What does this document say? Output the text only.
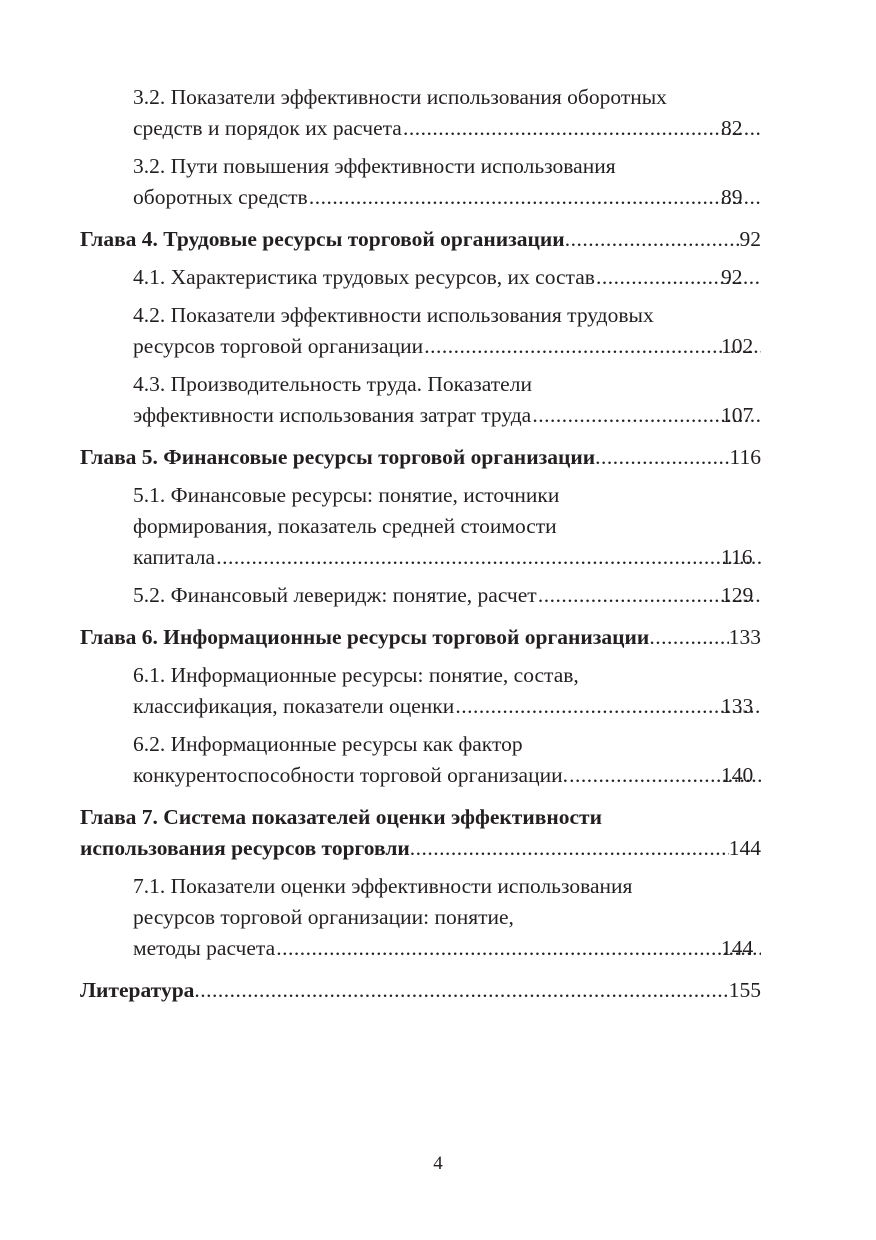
3.2. Показатели эффективности использования оборотных
средств и порядок их расчета .....	82
3.2. Пути повышения эффективности использования
оборотных средств .....	89
Глава 4. Трудовые ресурсы торговой организации .....	92
4.1. Характеристика трудовых ресурсов, их состав .....	92
4.2. Показатели эффективности использования трудовых
ресурсов торговой организации .....	102
4.3. Производительность труда. Показатели
эффективности использования затрат труда .....	107
Глава 5. Финансовые ресурсы торговой организации .....	116
5.1. Финансовые ресурсы: понятие, источники
формирования, показатель средней стоимости
капитала .....	116
5.2. Финансовый леверидж: понятие, расчет .....	129
Глава 6. Информационные ресурсы торговой организации .....	133
6.1. Информационные ресурсы: понятие, состав,
классификация, показатели оценки .....	133
6.2. Информационные ресурсы как фактор
конкурентоспособности торговой организации. .....	140
Глава 7. Система показателей оценки эффективности
использования ресурсов торговли .....	144
7.1. Показатели оценки эффективности использования
ресурсов торговой организации: понятие,
методы расчета .....	144
Литература .....	155
4
